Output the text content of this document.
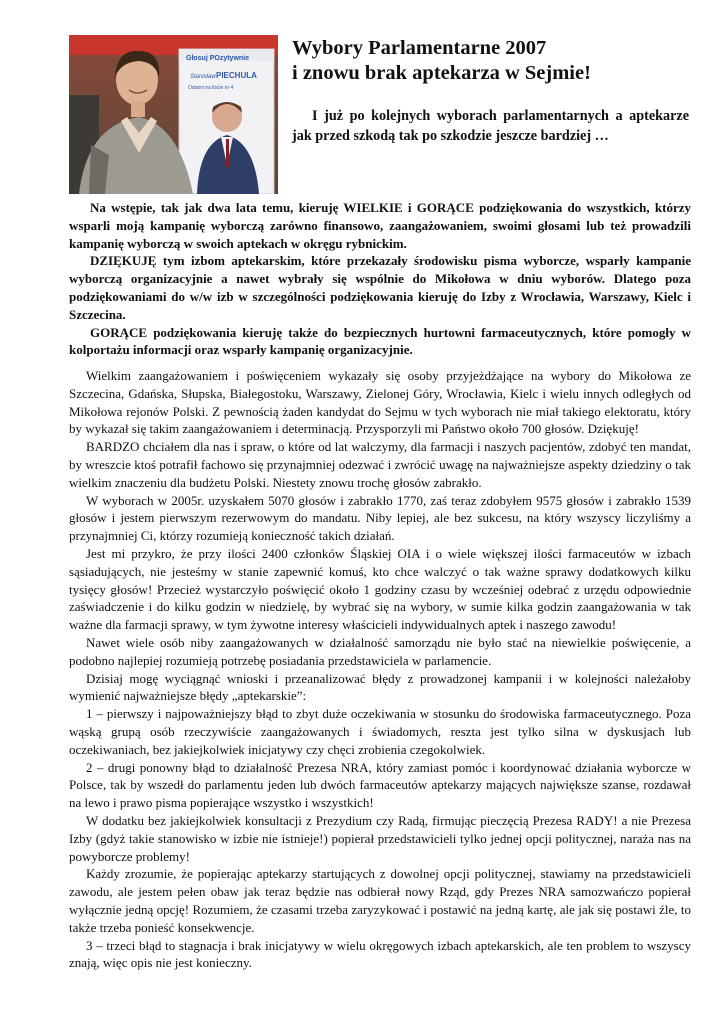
Głosuj POzytywnie
Stanisław PIECHULA
Ostatni na liście nr 4
Wybory Parlamentarne 2007
i znowu brak aptekarza w Sejmie!

I już po kolejnych wyborach parlamentarnych a aptekarze jak przed szkodą tak po szkodzie jeszcze bardziej …

Na wstępie, tak jak dwa lata temu, kieruję WIELKIE i GORĄCE podziękowania do wszystkich, którzy wsparli moją kampanię wyborczą zarówno finansowo, zaangażowaniem, swoimi głosami lub też prowadzili kampanię wyborczą w swoich aptekach w okręgu rybnickim.

DZIĘKUJĘ tym izbom aptekarskim, które przekazały środowisku pisma wyborcze, wsparły kampanie wyborczą organizacyjnie a nawet wybrały się wspólnie do Mikołowa w dniu wyborów. Dlatego poza podziękowaniami do w/w izb w szczególności podziękowania kieruję do Izby z Wrocławia, Warszawy, Kielc i Szczecina.

GORĄCE podziękowania kieruję także do bezpiecznych hurtowni farmaceutycznych, które pomogły w kolportażu informacji oraz wsparły kampanię organizacyjnie.

Wielkim zaangażowaniem i poświęceniem wykazały się osoby przyjeżdżające na wybory do Mikołowa ze Szczecina, Gdańska, Słupska, Białegostoku, Warszawy, Zielonej Góry, Wrocławia, Kielc i wielu innych odległych od Mikołowa rejonów Polski. Z pewnością żaden kandydat do Sejmu w tych wyborach nie miał takiego elektoratu, który by wykazał się takim zaangażowaniem i determinacją. Przysporzyli mi Państwo około 700 głosów. Dziękuję!

BARDZO chciałem dla nas i spraw, o które od lat walczymy, dla farmacji i naszych pacjentów, zdobyć ten mandat, by wreszcie ktoś potrafił fachowo się przynajmniej odezwać i zwrócić uwagę na najważniejsze aspekty dziedziny o tak wielkim znaczeniu dla budżetu Polski. Niestety znowu trochę głosów zabrakło.

W wyborach w 2005r. uzyskałem 5070 głosów i zabrakło 1770, zaś teraz zdobyłem 9575 głosów i zabrakło 1539 głosów i jestem pierwszym rezerwowym do mandatu. Niby lepiej, ale bez sukcesu, na który wszyscy liczyliśmy a przynajmniej Ci, którzy rozumieją konieczność takich działań.

Jest mi przykro, że przy ilości 2400 członków Śląskiej OIA i o wiele większej ilości farmaceutów w izbach sąsiadujących, nie jesteśmy w stanie zapewnić komuś, kto chce walczyć o tak ważne sprawy dodatkowych kilku tysięcy głosów! Przecież wystarczyło poświęcić około 1 godziny czasu by wcześniej odebrać z urzędu odpowiednie zaświadczenie i do kilku godzin w niedzielę, by wybrać się na wybory, w sumie kilka godzin zaangażowania w tak ważne dla farmacji sprawy, w tym żywotne interesy właścicieli indywidualnych aptek i naszego zawodu!

Nawet wiele osób niby zaangażowanych w działalność samorządu nie było stać na niewielkie poświęcenie, a podobno najlepiej rozumieją potrzebę posiadania przedstawiciela w parlamencie.

Dzisiaj mogę wyciągnąć wnioski i przeanalizować błędy z prowadzonej kampanii i w kolejności należałoby wymienić najważniejsze błędy „aptekarskie”:

1 – pierwszy i najpoważniejszy błąd to zbyt duże oczekiwania w stosunku do środowiska farmaceutycznego. Poza wąską grupą osób rzeczywiście zaangażowanych i świadomych, reszta jest tylko silna w dyskusjach lub oczekiwaniach, bez jakiejkolwiek inicjatywy czy chęci zrobienia czegokolwiek.

2 – drugi ponowny błąd to działalność Prezesa NRA, który zamiast pomóc i koordynować działania wyborcze w Polsce, tak by wszedł do parlamentu jeden lub dwóch farmaceutów aptekarzy mających największe szanse, rozdawał na lewo i prawo pisma popierające wszystko i wszystkich!

W dodatku bez jakiejkolwiek konsultacji z Prezydium czy Radą, firmując pieczęcią Prezesa RADY! a nie Prezesa Izby (gdyż takie stanowisko w izbie nie istnieje!) popierał przedstawicieli tylko jednej opcji politycznej, naraża nas na powyborcze problemy!

Każdy zrozumie, że popierając aptekarzy startujących z dowolnej opcji politycznej, stawiamy na przedstawicieli zawodu, ale jestem pełen obaw jak teraz będzie nas odbierał nowy Rząd, gdy Prezes NRA samozwańczo popierał wyłącznie jedną opcję! Rozumiem, że czasami trzeba zaryzykować i postawić na jedną kartę, ale jak się postawi źle, to także trzeba ponieść konsekwencje.

3 – trzeci błąd to stagnacja i brak inicjatywy w wielu okręgowych izbach aptekarskich, ale ten problem to wszyscy znają, więc opis nie jest konieczny.
